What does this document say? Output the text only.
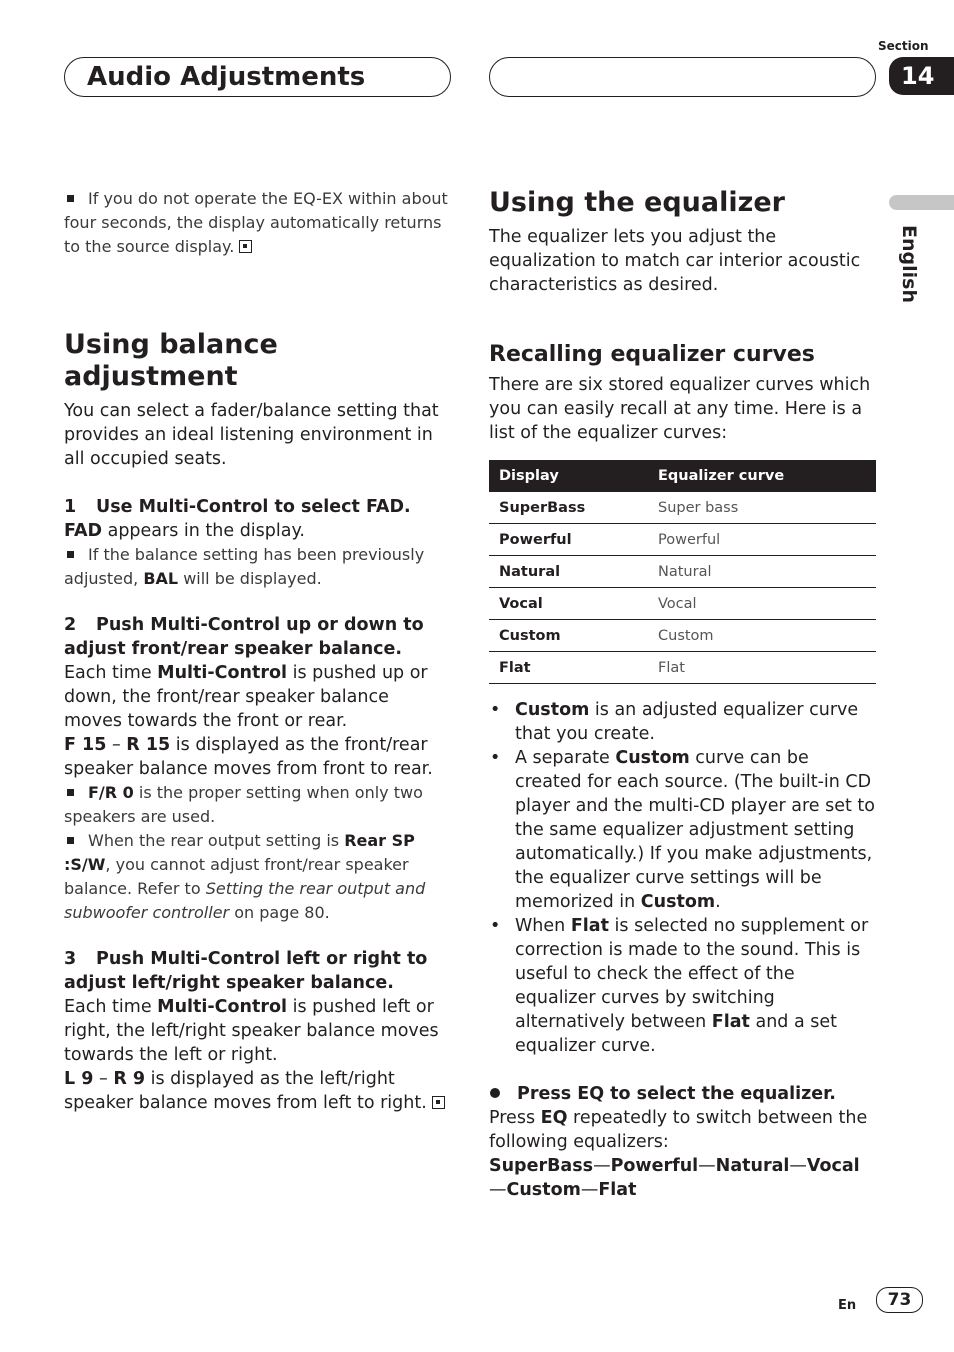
Audio Adjustments
Section
14
English

If you do not operate the EQ-EX within about four seconds, the display automatically returns to the source display.

Using balance adjustment

You can select a fader/balance setting that provides an ideal listening environment in all occupied seats.

1 Use Multi-Control to select FAD.

FAD appears in the display.

If the balance setting has been previously adjusted, BAL will be displayed.

2 Push Multi-Control up or down to adjust front/rear speaker balance.

Each time Multi-Control is pushed up or down, the front/rear speaker balance moves towards the front or rear.

F 15 – R 15 is displayed as the front/rear speaker balance moves from front to rear.

F/R 0 is the proper setting when only two speakers are used.

When the rear output setting is Rear SP :S/W, you cannot adjust front/rear speaker balance. Refer to Setting the rear output and subwoofer controller on page 80.

3 Push Multi-Control left or right to adjust left/right speaker balance.

Each time Multi-Control is pushed left or right, the left/right speaker balance moves towards the left or right.

L 9 – R 9 is displayed as the left/right speaker balance moves from left to right.

Using the equalizer

The equalizer lets you adjust the equalization to match car interior acoustic characteristics as desired.

Recalling equalizer curves

There are six stored equalizer curves which you can easily recall at any time. Here is a list of the equalizer curves:

Display	Equalizer curve
SuperBass	Super bass
Powerful	Powerful
Natural	Natural
Vocal	Vocal
Custom	Custom
Flat	Flat
• Custom is an adjusted equalizer curve that you create.
• A separate Custom curve can be created for each source. (The built-in CD player and the multi-CD player are set to the same equalizer adjustment setting automatically.) If you make adjustments, the equalizer curve settings will be memorized in Custom.
• When Flat is selected no supplement or correction is made to the sound. This is useful to check the effect of the equalizer curves by switching alternatively between Flat and a set equalizer curve.

Press EQ to select the equalizer.

Press EQ repeatedly to switch between the following equalizers:

SuperBass—Powerful—Natural—Vocal—Custom—Flat

En	73
